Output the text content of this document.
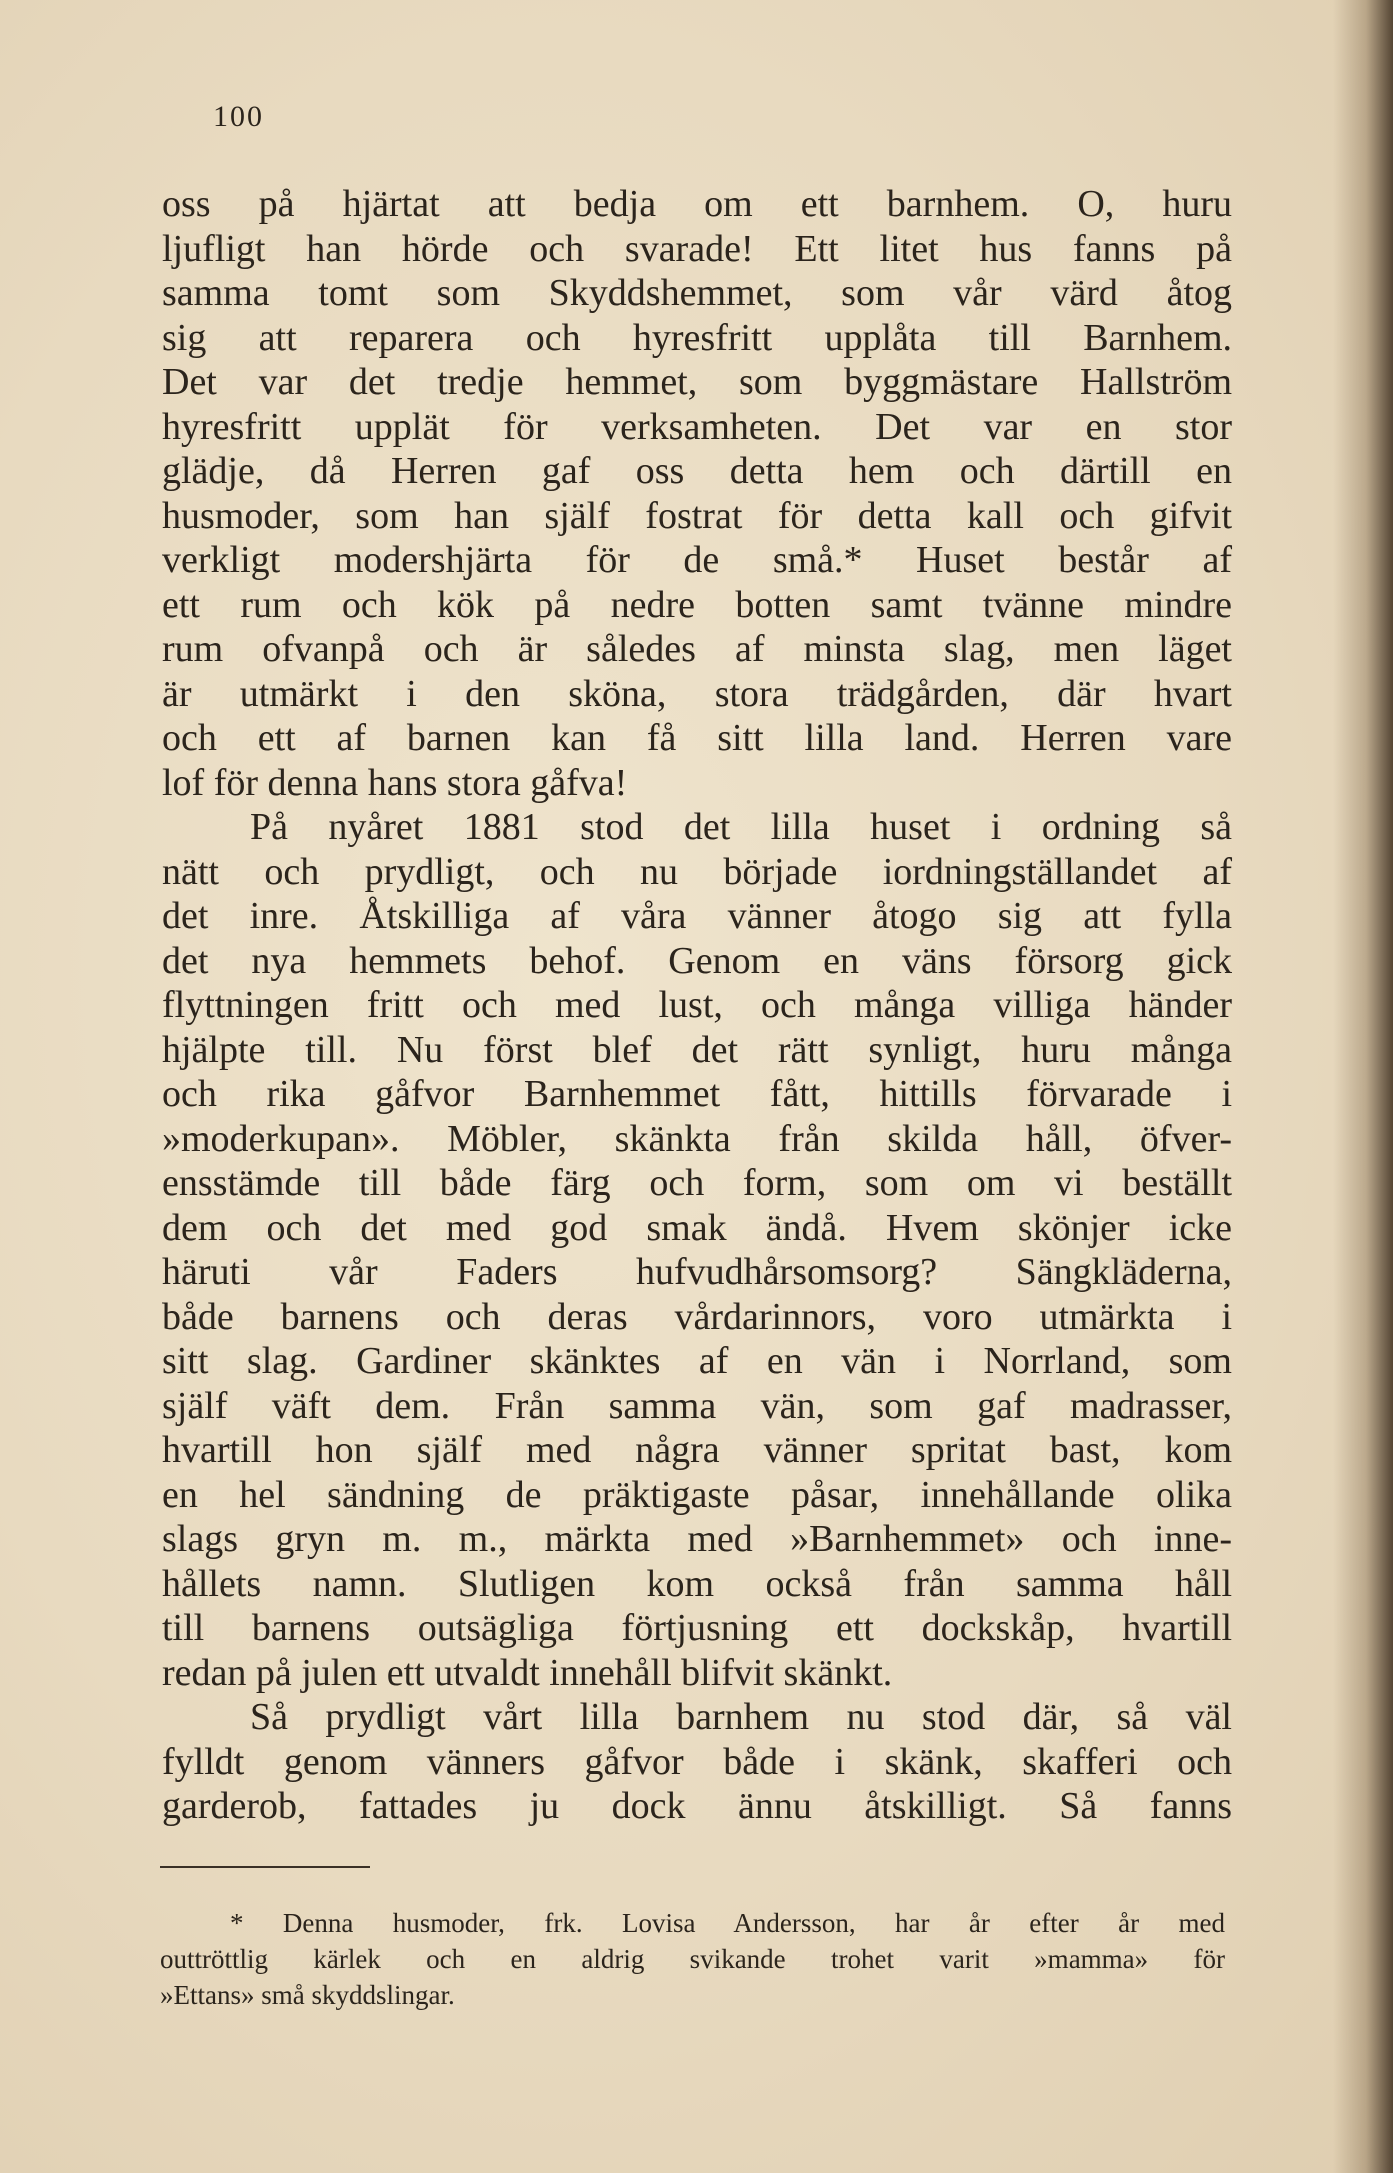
100
oss på hjärtat att bedja om ett barnhem. O, huru
ljufligt han hörde och svarade! Ett litet hus fanns på
samma tomt som Skyddshemmet, som vår värd åtog
sig att reparera och hyresfritt upplåta till Barnhem.
Det var det tredje hemmet, som byggmästare Hallström
hyresfritt upplät för verksamheten. Det var en stor
glädje, då Herren gaf oss detta hem och därtill en
husmoder, som han själf fostrat för detta kall och gifvit
verkligt modershjärta för de små.* Huset består af
ett rum och kök på nedre botten samt tvänne mindre
rum ofvanpå och är således af minsta slag, men läget
är utmärkt i den sköna, stora trädgården, där hvart
och ett af barnen kan få sitt lilla land. Herren vare
lof för denna hans stora gåfva!
På nyåret 1881 stod det lilla huset i ordning så
nätt och prydligt, och nu började iordningställandet af
det inre. Åtskilliga af våra vänner åtogo sig att fylla
det nya hemmets behof. Genom en väns försorg gick
flyttningen fritt och med lust, och många villiga händer
hjälpte till. Nu först blef det rätt synligt, huru många
och rika gåfvor Barnhemmet fått, hittills förvarade i
»moderkupan». Möbler, skänkta från skilda håll, öfver-
ensstämde till både färg och form, som om vi beställt
dem och det med god smak ändå. Hvem skönjer icke
häruti vår Faders hufvudhårsomsorg? Sängkläderna,
både barnens och deras vårdarinnors, voro utmärkta i
sitt slag. Gardiner skänktes af en vän i Norrland, som
själf väft dem. Från samma vän, som gaf madrasser,
hvartill hon själf med några vänner spritat bast, kom
en hel sändning de präktigaste påsar, innehållande olika
slags gryn m. m., märkta med »Barnhemmet» och inne-
hållets namn. Slutligen kom också från samma håll
till barnens outsägliga förtjusning ett dockskåp, hvartill
redan på julen ett utvaldt innehåll blifvit skänkt.
Så prydligt vårt lilla barnhem nu stod där, så väl
fylldt genom vänners gåfvor både i skänk, skafferi och
garderob, fattades ju dock ännu åtskilligt. Så fanns
* Denna husmoder, frk. Lovisa Andersson, har år efter år med
outtröttlig kärlek och en aldrig svikande trohet varit »mamma» för
»Ettans» små skyddslingar.
